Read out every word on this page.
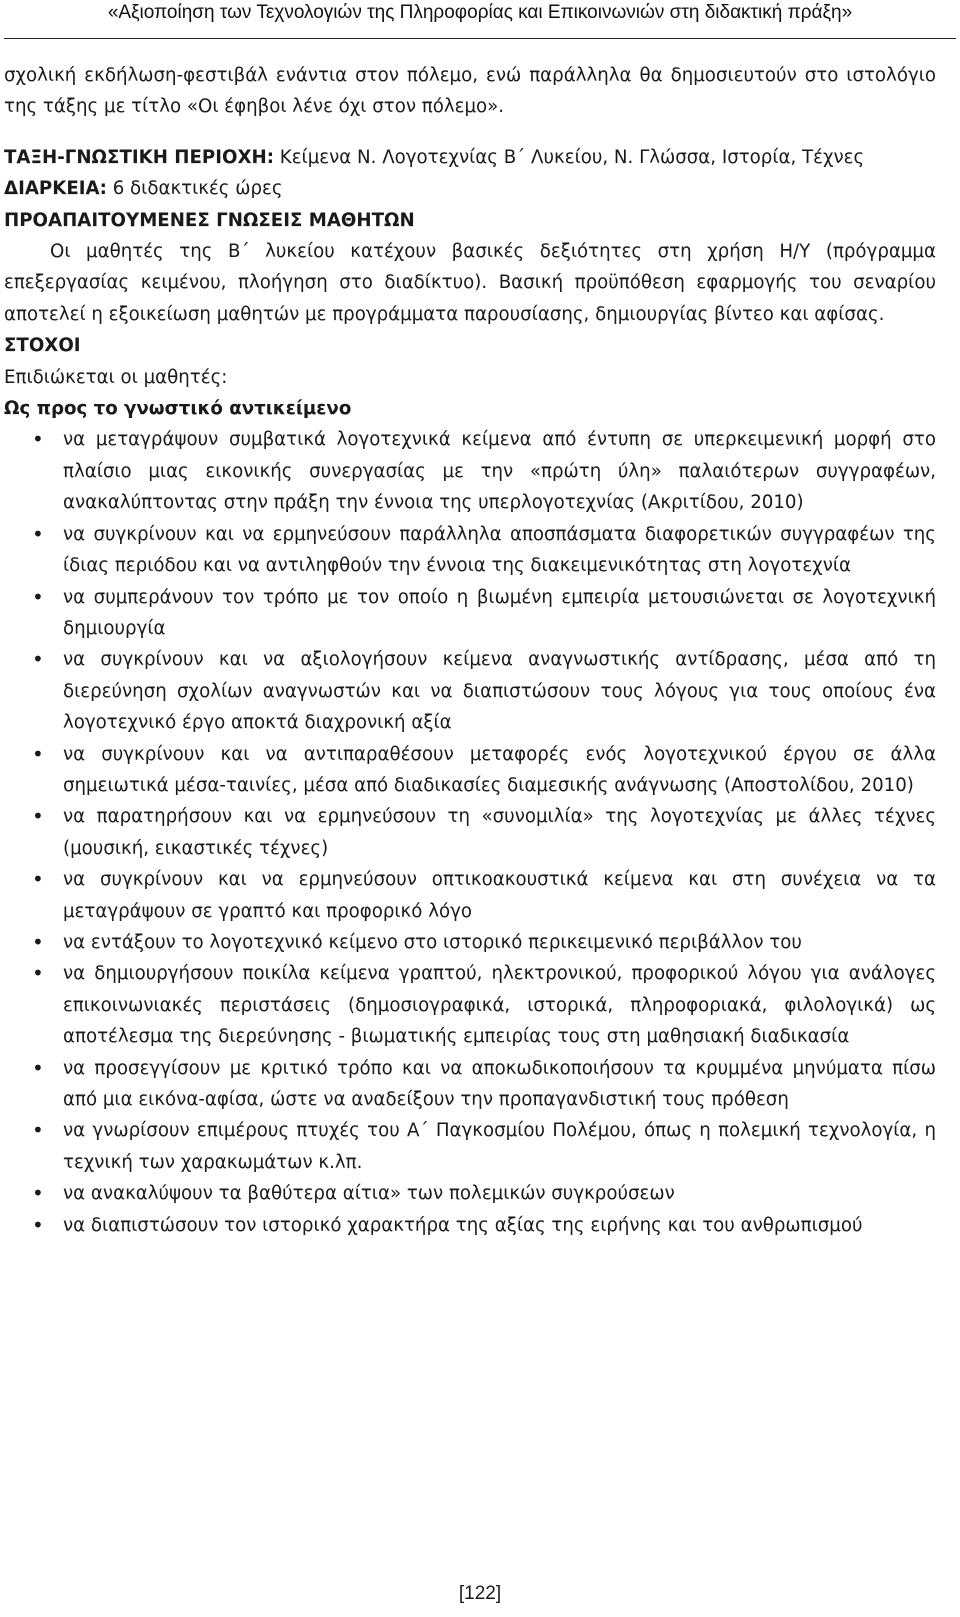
«Αξιοποίηση των Τεχνολογιών της Πληροφορίας και Επικοινωνιών στη διδακτική πράξη»

σχολική εκδήλωση-φεστιβάλ ενάντια στον πόλεμο, ενώ παράλληλα θα δημοσιευτούν στο ιστολόγιο της τάξης με τίτλο «Οι έφηβοι λένε όχι στον πόλεμο».

ΤΑΞΗ-ΓΝΩΣΤΙΚΗ ΠΕΡΙΟΧΗ: Κείμενα Ν. Λογοτεχνίας Β΄ Λυκείου, Ν. Γλώσσα, Ιστορία, Τέχνες

ΔΙΑΡΚΕΙΑ: 6 διδακτικές ώρες

ΠΡΟΑΠΑΙΤΟΥΜΕΝΕΣ ΓΝΩΣΕΙΣ ΜΑΘΗΤΩΝ

Οι μαθητές της Β΄ λυκείου κατέχουν βασικές δεξιότητες στη χρήση Η/Υ (πρόγραμμα επεξεργασίας κειμένου, πλοήγηση στο διαδίκτυο). Βασική προϋπόθεση εφαρμογής του σεναρίου αποτελεί η εξοικείωση μαθητών με προγράμματα παρουσίασης, δημιουργίας βίντεο και αφίσας.

ΣΤΟΧΟΙ

Επιδιώκεται οι μαθητές:

Ως προς το γνωστικό αντικείμενο

• να μεταγράψουν συμβατικά λογοτεχνικά κείμενα από έντυπη σε υπερκειμενική μορφή στο πλαίσιο μιας εικονικής συνεργασίας με την «πρώτη ύλη» παλαιότερων συγγραφέων, ανακαλύπτοντας στην πράξη την έννοια της υπερλογοτεχνίας (Ακριτίδου, 2010)
• να συγκρίνουν και να ερμηνεύσουν παράλληλα αποσπάσματα διαφορετικών συγγραφέων της ίδιας περιόδου και να αντιληφθούν την έννοια της διακειμενικότητας στη λογοτεχνία
• να συμπεράνουν τον τρόπο με τον οποίο η βιωμένη εμπειρία μετουσιώνεται σε λογοτεχνική δημιουργία
• να συγκρίνουν και να αξιολογήσουν κείμενα αναγνωστικής αντίδρασης, μέσα από τη διερεύνηση σχολίων αναγνωστών και να διαπιστώσουν τους λόγους για τους οποίους ένα λογοτεχνικό έργο αποκτά διαχρονική αξία
• να συγκρίνουν και να αντιπαραθέσουν μεταφορές ενός λογοτεχνικού έργου σε άλλα σημειωτικά μέσα-ταινίες, μέσα από διαδικασίες διαμεσικής ανάγνωσης (Αποστολίδου, 2010)
• να παρατηρήσουν και να ερμηνεύσουν τη «συνομιλία» της λογοτεχνίας με άλλες τέχνες (μουσική, εικαστικές τέχνες)
• να συγκρίνουν και να ερμηνεύσουν οπτικοακουστικά κείμενα και στη συνέχεια να τα μεταγράψουν σε γραπτό και προφορικό λόγο
• να εντάξουν το λογοτεχνικό κείμενο στο ιστορικό περικειμενικό περιβάλλον του
• να δημιουργήσουν ποικίλα κείμενα γραπτού, ηλεκτρονικού, προφορικού λόγου για ανάλογες επικοινωνιακές περιστάσεις (δημοσιογραφικά, ιστορικά, πληροφοριακά, φιλολογικά) ως αποτέλεσμα της διερεύνησης - βιωματικής εμπειρίας τους στη μαθησιακή διαδικασία
• να προσεγγίσουν με κριτικό τρόπο και να αποκωδικοποιήσουν τα κρυμμένα μηνύματα πίσω από μια εικόνα-αφίσα, ώστε να αναδείξουν την προπαγανδιστική τους πρόθεση
• να γνωρίσουν επιμέρους πτυχές του Α΄ Παγκοσμίου Πολέμου, όπως η πολεμική τεχνολογία, η τεχνική των χαρακωμάτων κ.λπ.
• να ανακαλύψουν τα βαθύτερα αίτια» των πολεμικών συγκρούσεων
• να διαπιστώσουν τον ιστορικό χαρακτήρα της αξίας της ειρήνης και του ανθρωπισμού
[122]
